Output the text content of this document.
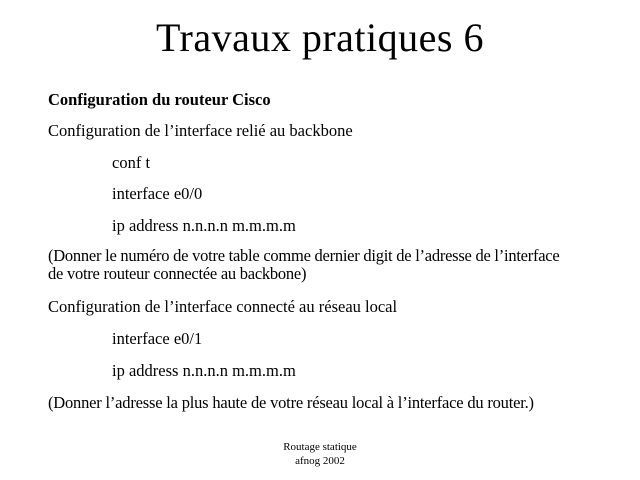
Travaux pratiques 6
Configuration du routeur Cisco
Configuration de l’interface relié au backbone
conf t
interface e0/0
ip address n.n.n.n m.m.m.m
(Donner le numéro de votre table comme dernier digit de l’adresse de l’interface
de votre routeur connectée au backbone)
Configuration de l’interface connecté au réseau local
interface e0/1
ip address n.n.n.n m.m.m.m
(Donner l’adresse la plus haute de votre réseau local à l’interface du router.)
Routage statique
afnog 2002
